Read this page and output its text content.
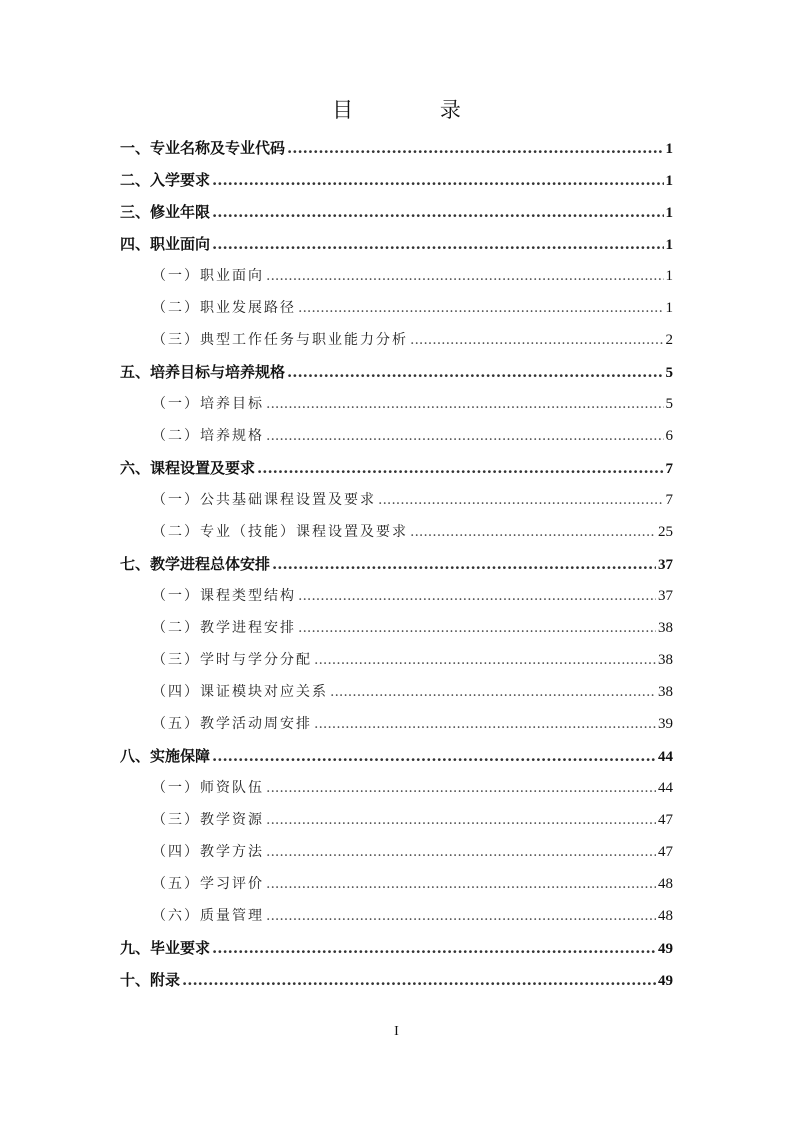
目 录
一、专业名称及专业代码 .....	1
二、入学要求 .....	1
三、修业年限 .....	1
四、职业面向 .....	1
（一）职业面向 .....	1
（二）职业发展路径 .....	1
（三）典型工作任务与职业能力分析 .....	2
五、培养目标与培养规格 .....	5
（一）培养目标 .....	5
（二）培养规格 .....	6
六、课程设置及要求 .....	7
（一）公共基础课程设置及要求 .....	7
（二）专业（技能）课程设置及要求 .....	25
七、教学进程总体安排 .....	37
（一）课程类型结构 .....	37
（二）教学进程安排 .....	38
（三）学时与学分分配 .....	38
（四）课证模块对应关系 .....	38
（五）教学活动周安排 .....	39
八、实施保障 .....	44
（一）师资队伍 .....	44
（三）教学资源 .....	47
（四）教学方法 .....	47
（五）学习评价 .....	48
（六）质量管理 .....	48
九、毕业要求 .....	49
十、附录 .....	49
I
